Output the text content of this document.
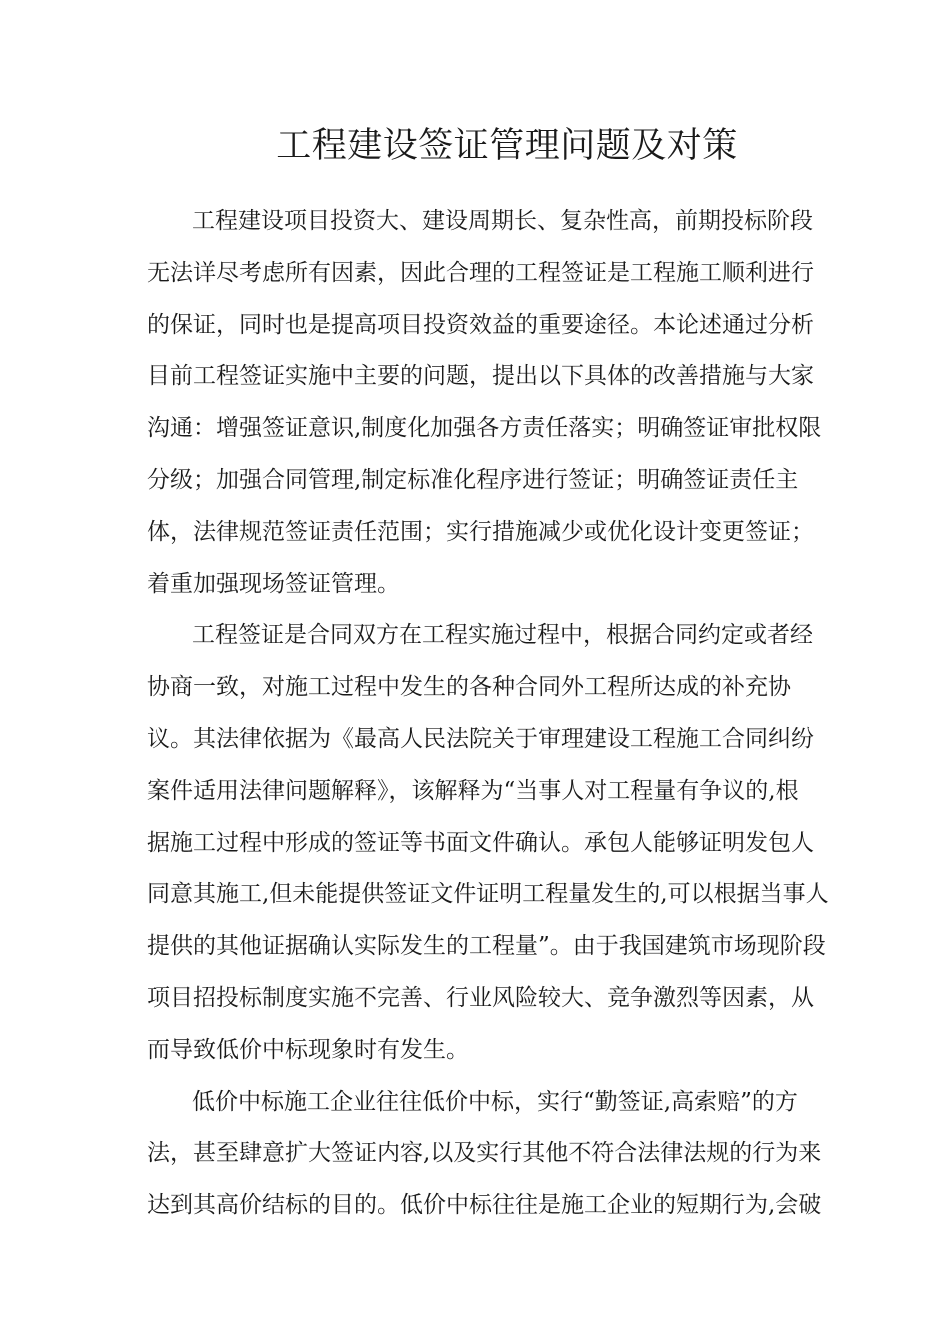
工程建设签证管理问题及对策
工程建设项目投资大、建设周期长、复杂性高，前期投标阶段
无法详尽考虑所有因素，因此合理的工程签证是工程施工顺利进行
的保证，同时也是提高项目投资效益的重要途径。本论述通过分析
目前工程签证实施中主要的问题，提出以下具体的改善措施与大家
沟通：增强签证意识,制度化加强各方责任落实；明确签证审批权限
分级；加强合同管理,制定标准化程序进行签证；明确签证责任主
体，法律规范签证责任范围；实行措施减少或优化设计变更签证；
着重加强现场签证管理。
工程签证是合同双方在工程实施过程中，根据合同约定或者经
协商一致，对施工过程中发生的各种合同外工程所达成的补充协
议。其法律依据为《最高人民法院关于审理建设工程施工合同纠纷
案件适用法律问题解释》，该解释为“当事人对工程量有争议的,根
据施工过程中形成的签证等书面文件确认。承包人能够证明发包人
同意其施工,但未能提供签证文件证明工程量发生的,可以根据当事人
提供的其他证据确认实际发生的工程量”。由于我国建筑市场现阶段
项目招投标制度实施不完善、行业风险较大、竞争激烈等因素，从
而导致低价中标现象时有发生。
低价中标施工企业往往低价中标，实行“勤签证,高索赔”的方
法，甚至肆意扩大签证内容,以及实行其他不符合法律法规的行为来
达到其高价结标的目的。低价中标往往是施工企业的短期行为,会破
